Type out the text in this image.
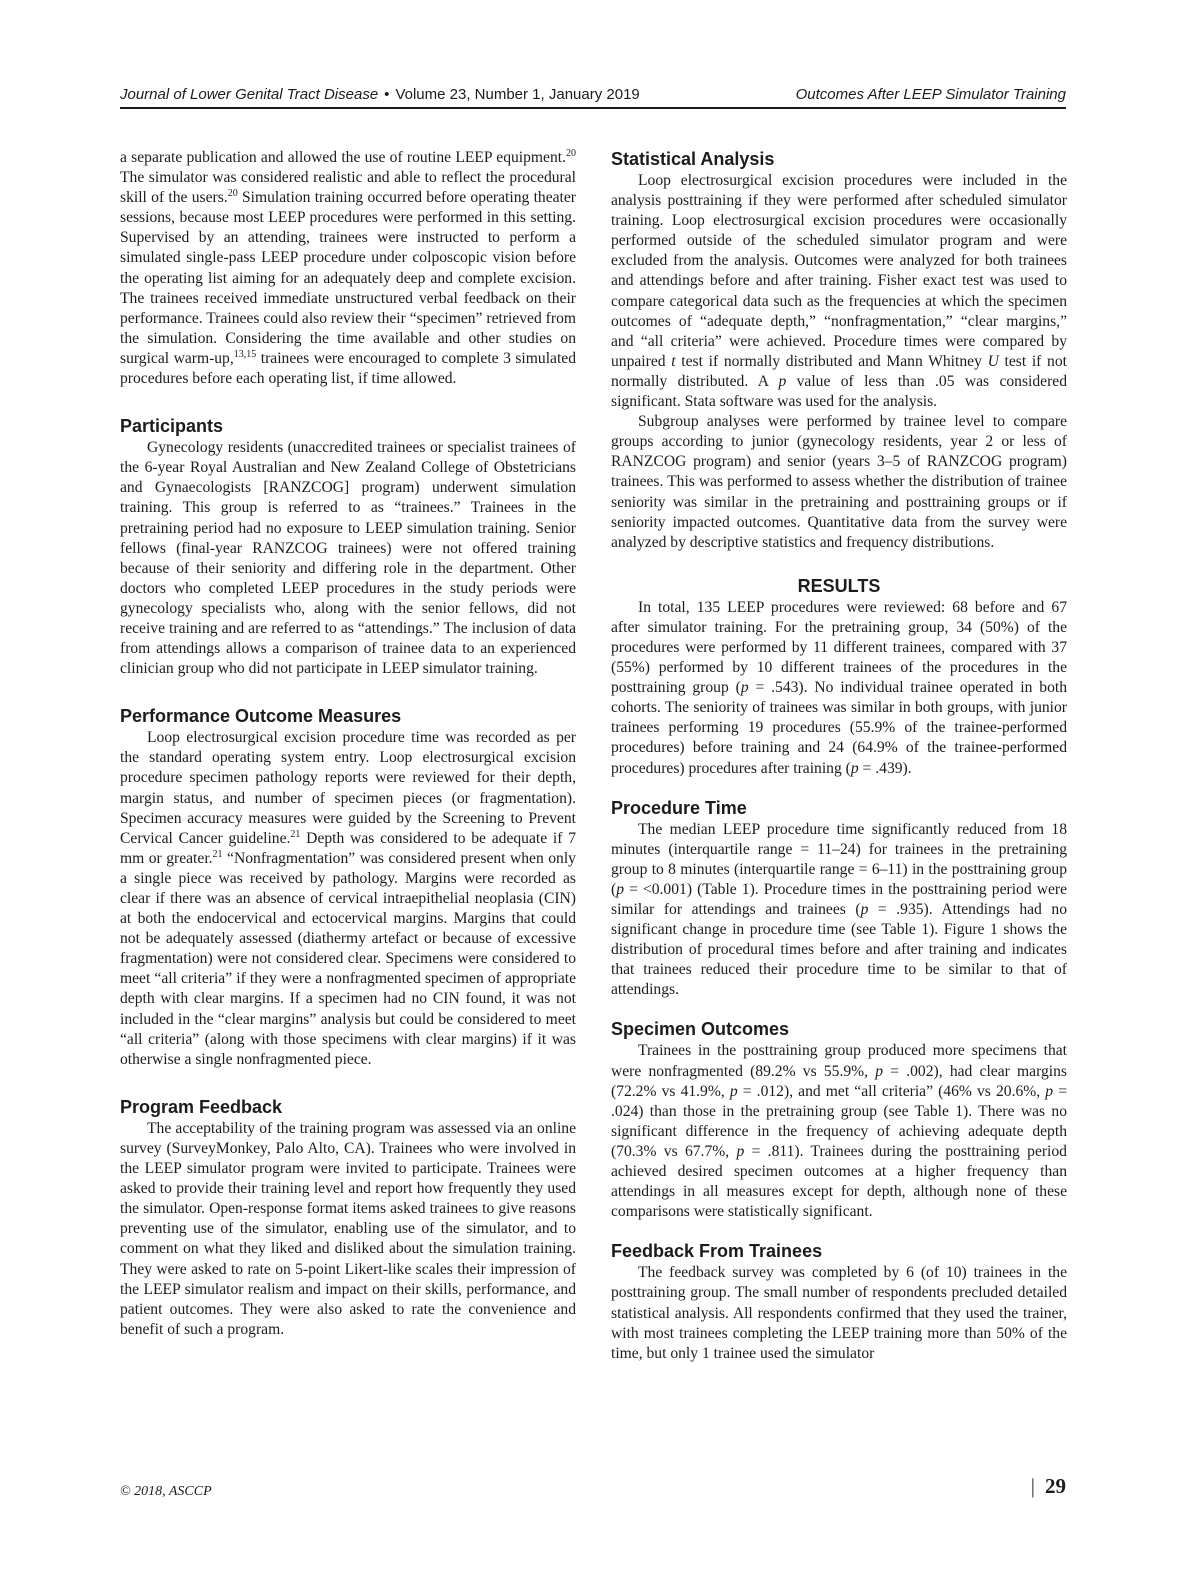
Journal of Lower Genital Tract Disease • Volume 23, Number 1, January 2019	Outcomes After LEEP Simulator Training

a separate publication and allowed the use of routine LEEP equipment.$^{20}$ The simulator was considered realistic and able to reflect the procedural skill of the users.$^{20}$ Simulation training occurred before operating theater sessions, because most LEEP procedures were performed in this setting. Supervised by an attending, trainees were instructed to perform a simulated single-pass LEEP procedure under colposcopic vision before the operating list aiming for an adequately deep and complete excision. The trainees received immediate unstructured verbal feedback on their performance. Trainees could also review their “specimen” retrieved from the simulation. Considering the time available and other studies on surgical warm-up,$^{13,15}$ trainees were encouraged to complete 3 simulated procedures before each operating list, if time allowed.

Participants

Gynecology residents (unaccredited trainees or specialist trainees of the 6-year Royal Australian and New Zealand College of Obstetricians and Gynaecologists [RANZCOG] program) underwent simulation training. This group is referred to as “trainees.” Trainees in the pretraining period had no exposure to LEEP simulation training. Senior fellows (final-year RANZCOG trainees) were not offered training because of their seniority and differing role in the department. Other doctors who completed LEEP procedures in the study periods were gynecology specialists who, along with the senior fellows, did not receive training and are referred to as “attendings.” The inclusion of data from attendings allows a comparison of trainee data to an experienced clinician group who did not participate in LEEP simulator training.

Performance Outcome Measures

Loop electrosurgical excision procedure time was recorded as per the standard operating system entry. Loop electrosurgical excision procedure specimen pathology reports were reviewed for their depth, margin status, and number of specimen pieces (or fragmentation). Specimen accuracy measures were guided by the Screening to Prevent Cervical Cancer guideline.$^{21}$ Depth was considered to be adequate if 7 mm or greater.$^{21}$ “Nonfragmentation” was considered present when only a single piece was received by pathology. Margins were recorded as clear if there was an absence of cervical intraepithelial neoplasia (CIN) at both the endocervical and ectocervical margins. Margins that could not be adequately assessed (diathermy artefact or because of excessive fragmentation) were not considered clear. Specimens were considered to meet “all criteria” if they were a nonfragmented specimen of appropriate depth with clear margins. If a specimen had no CIN found, it was not included in the “clear margins” analysis but could be considered to meet “all criteria” (along with those specimens with clear margins) if it was otherwise a single nonfragmented piece.

Program Feedback

The acceptability of the training program was assessed via an online survey (SurveyMonkey, Palo Alto, CA). Trainees who were involved in the LEEP simulator program were invited to participate. Trainees were asked to provide their training level and report how frequently they used the simulator. Open-response format items asked trainees to give reasons preventing use of the simulator, enabling use of the simulator, and to comment on what they liked and disliked about the simulation training. They were asked to rate on 5-point Likert-like scales their impression of the LEEP simulator realism and impact on their skills, performance, and patient outcomes. They were also asked to rate the convenience and benefit of such a program.

Statistical Analysis

Loop electrosurgical excision procedures were included in the analysis posttraining if they were performed after scheduled simulator training. Loop electrosurgical excision procedures were occasionally performed outside of the scheduled simulator program and were excluded from the analysis. Outcomes were analyzed for both trainees and attendings before and after training. Fisher exact test was used to compare categorical data such as the frequencies at which the specimen outcomes of “adequate depth,” “nonfragmentation,” “clear margins,” and “all criteria” were achieved. Procedure times were compared by unpaired t test if normally distributed and Mann Whitney U test if not normally distributed. A p value of less than .05 was considered significant. Stata software was used for the analysis.

Subgroup analyses were performed by trainee level to compare groups according to junior (gynecology residents, year 2 or less of RANZCOG program) and senior (years 3–5 of RANZCOG program) trainees. This was performed to assess whether the distribution of trainee seniority was similar in the pretraining and posttraining groups or if seniority impacted outcomes. Quantitative data from the survey were analyzed by descriptive statistics and frequency distributions.

RESULTS

In total, 135 LEEP procedures were reviewed: 68 before and 67 after simulator training. For the pretraining group, 34 (50%) of the procedures were performed by 11 different trainees, compared with 37 (55%) performed by 10 different trainees of the procedures in the posttraining group (p = .543). No individual trainee operated in both cohorts. The seniority of trainees was similar in both groups, with junior trainees performing 19 procedures (55.9% of the trainee-performed procedures) before training and 24 (64.9% of the trainee-performed procedures) procedures after training (p = .439).

Procedure Time

The median LEEP procedure time significantly reduced from 18 minutes (interquartile range = 11–24) for trainees in the pretraining group to 8 minutes (interquartile range = 6–11) in the posttraining group (p = <0.001) (Table 1). Procedure times in the posttraining period were similar for attendings and trainees (p = .935). Attendings had no significant change in procedure time (see Table 1). Figure 1 shows the distribution of procedural times before and after training and indicates that trainees reduced their procedure time to be similar to that of attendings.

Specimen Outcomes

Trainees in the posttraining group produced more specimens that were nonfragmented (89.2% vs 55.9%, p = .002), had clear margins (72.2% vs 41.9%, p = .012), and met “all criteria” (46% vs 20.6%, p = .024) than those in the pretraining group (see Table 1). There was no significant difference in the frequency of achieving adequate depth (70.3% vs 67.7%, p = .811). Trainees during the posttraining period achieved desired specimen outcomes at a higher frequency than attendings in all measures except for depth, although none of these comparisons were statistically significant.

Feedback From Trainees

The feedback survey was completed by 6 (of 10) trainees in the posttraining group. The small number of respondents precluded detailed statistical analysis. All respondents confirmed that they used the trainer, with most trainees completing the LEEP training more than 50% of the time, but only 1 trainee used the simulator

© 2018, ASCCP	| 29
